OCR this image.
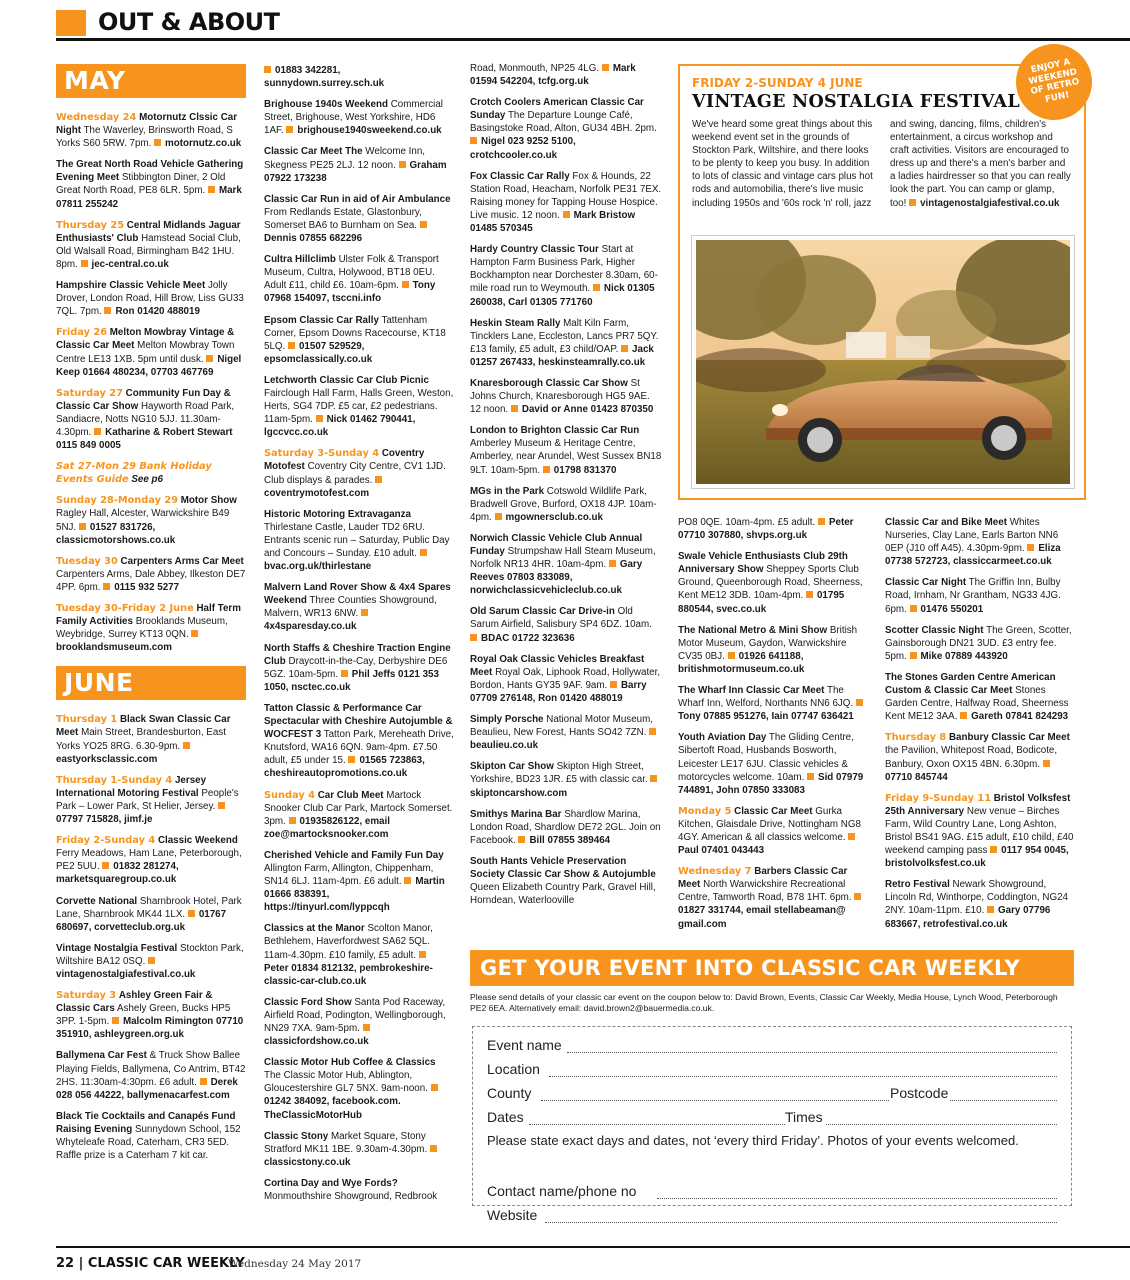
OUT & ABOUT
MAY
Wednesday 24 Motornutz Clssic Car Night The Waverley, Brinsworth Road, S Yorks S60 5RW. 7pm. motornutz.co.uk
The Great North Road Vehicle Gathering Evening Meet Stibbington Diner, 2 Old Great North Road, PE8 6LR. 5pm. Mark 07811 255242
Thursday 25 Central Midlands Jaguar Enthusiasts' Club Hamstead Social Club, Old Walsall Road, Birmingham B42 1HU. 8pm. jec-central.co.uk
Hampshire Classic Vehicle Meet Jolly Drover, London Road, Hill Brow, Liss GU33 7QL. 7pm. Ron 01420 488019
Friday 26 Melton Mowbray Vintage & Classic Car Meet Melton Mowbray Town Centre LE13 1XB. 5pm until dusk. Nigel Keep 01664 480234, 07703 467769
Saturday 27 Community Fun Day & Classic Car Show Hayworth Road Park, Sandiacre, Notts NG10 5JJ. 11.30am-4.30pm. Katharine & Robert Stewart 0115 849 0005
Sat 27-Mon 29 Bank Holiday Events Guide See p6
Sunday 28-Monday 29 Motor Show Ragley Hall, Alcester, Warwickshire B49 5NJ. 01527 831726, classicmotorshows.co.uk
Tuesday 30 Carpenters Arms Car Meet Carpenters Arms, Dale Abbey, Ilkeston DE7 4PP. 6pm. 0115 932 5277
Tuesday 30-Friday 2 June Half Term Family Activities Brooklands Museum, Weybridge, Surrey KT13 0QN. brooklandsmuseum.com
JUNE
Thursday 1 Black Swan Classic Car Meet Main Street, Brandesburton, East Yorks YO25 8RG. 6.30-9pm. eastyorksclassic.com
Thursday 1-Sunday 4 Jersey International Motoring Festival People's Park – Lower Park, St Helier, Jersey. 07797 715828, jimf.je
Friday 2-Sunday 4 Classic Weekend Ferry Meadows, Ham Lane, Peterborough, PE2 5UU. 01832 281274, marketsquaregroup.co.uk
Corvette National Sharnbrook Hotel, Park Lane, Sharnbrook MK44 1LX. 01767 680697, corvetteclub.org.uk
Vintage Nostalgia Festival Stockton Park, Wiltshire BA12 0SQ. vintagenostalgiafestival.co.uk
Saturday 3 Ashley Green Fair & Classic Cars Ashely Green, Bucks HP5 3PP. 1-5pm. Malcolm Rimington 07710 351910, ashleygreen.org.uk
Ballymena Car Fest & Truck Show Ballee Playing Fields, Ballymena, Co Antrim, BT42 2HS. 11:30am-4:30pm. £6 adult. Derek 028 056 44222, ballymenacarfest.com
Black Tie Cocktails and Canapés Fund Raising Evening Sunnydown School, 152 Whyteleafe Road, Caterham, CR3 5ED. Raffle prize is a Caterham 7 kit car.
01883 342281, sunnydown.surrey.sch.uk
Brighouse 1940s Weekend Commercial Street, Brighouse, West Yorkshire, HD6 1AF. brighouse1940sweekend.co.uk
Classic Car Meet The Welcome Inn, Skegness PE25 2LJ. 12 noon. Graham 07922 173238
Classic Car Run in aid of Air Ambulance From Redlands Estate, Glastonbury, Somerset BA6 to Burnham on Sea. Dennis 07855 682296
Cultra Hillclimb Ulster Folk & Transport Museum, Cultra, Holywood, BT18 0EU. Adult £11, child £6. 10am-6pm. Tony 07968 154097, tsccni.info
Epsom Classic Car Rally Tattenham Corner, Epsom Downs Racecourse, KT18 5LQ. 01507 529529, epsomclassically.co.uk
Letchworth Classic Car Club Picnic Fairclough Hall Farm, Halls Green, Weston, Herts, SG4 7DP. £5 car, £2 pedestrians. 11am-5pm. Nick 01462 790441, lgccvcc.co.uk
Saturday 3-Sunday 4 Coventry Motofest Coventry City Centre, CV1 1JD. Club displays & parades. coventrymotofest.com
Historic Motoring Extravaganza Thirlestane Castle, Lauder TD2 6RU. Entrants scenic run – Saturday, Public Day and Concours – Sunday. £10 adult. bvac.org.uk/thirlestane
Malvern Land Rover Show & 4x4 Spares Weekend Three Counties Showground, Malvern, WR13 6NW. 4x4sparesday.co.uk
North Staffs & Cheshire Traction Engine Club Draycott-in-the-Cay, Derbyshire DE6 5GZ. 10am-5pm. Phil Jeffs 0121 353 1050, nsctec.co.uk
Tatton Classic & Performance Car Spectacular with Cheshire Autojumble & WOCFEST 3 Tatton Park, Mereheath Drive, Knutsford, WA16 6QN. 9am-4pm. £7.50 adult, £5 under 15. 01565 723863, cheshireautopromotions.co.uk
Sunday 4 Car Club Meet Martock Snooker Club Car Park, Martock Somerset. 3pm. 01935826122, email zoe@martocksnooker.com
Cherished Vehicle and Family Fun Day Allington Farm, Allington, Chippenham, SN14 6LJ. 11am-4pm. £6 adult. Martin 01666 838391, https://tinyurl.com/lyppcqh
Classics at the Manor Scolton Manor, Bethlehem, Haverfordwest SA62 5QL. 11am-4.30pm. £10 family, £5 adult. Peter 01834 812132, pembrokeshire-classic-car-club.co.uk
Classic Ford Show Santa Pod Raceway, Airfield Road, Podington, Wellingborough, NN29 7XA. 9am-5pm. classicfordshow.co.uk
Classic Motor Hub Coffee & Classics The Classic Motor Hub, Ablington, Gloucestershire GL7 5NX. 9am-noon. 01242 384092, facebook.com. TheClassicMotorHub
Classic Stony Market Square, Stony Stratford MK11 1BE. 9.30am-4.30pm. classicstony.co.uk
Cortina Day and Wye Fords? Monmouthshire Showground, Redbrook
Road, Monmouth, NP25 4LG. Mark 01594 542204, tcfg.org.uk
Crotch Coolers American Classic Car Sunday The Departure Lounge Café, Basingstoke Road, Alton, GU34 4BH. 2pm. Nigel 023 9252 5100, crotchcooler.co.uk
Fox Classic Car Rally Fox & Hounds, 22 Station Road, Heacham, Norfolk PE31 7EX. Raising money for Tapping House Hospice. Live music. 12 noon. Mark Bristow 01485 570345
Hardy Country Classic Tour Start at Hampton Farm Business Park, Higher Bockhampton near Dorchester 8.30am, 60-mile road run to Weymouth. Nick 01305 260038, Carl 01305 771760
Heskin Steam Rally Malt Kiln Farm, Tincklers Lane, Eccleston, Lancs PR7 5QY. £13 family, £5 adult, £3 child/OAP. Jack 01257 267433, heskinsteamrally.co.uk
Knaresborough Classic Car Show St Johns Church, Knaresborough HG5 9AE. 12 noon. David or Anne 01423 870350
London to Brighton Classic Car Run Amberley Museum & Heritage Centre, Amberley, near Arundel, West Sussex BN18 9LT. 10am-5pm. 01798 831370
MGs in the Park Cotswold Wildlife Park, Bradwell Grove, Burford, OX18 4JP. 10am-4pm. mgownersclub.co.uk
Norwich Classic Vehicle Club Annual Funday Strumpshaw Hall Steam Museum, Norfolk NR13 4HR. 10am-4pm. Gary Reeves 07803 833089, norwichclassicvehicleclub.co.uk
Old Sarum Classic Car Drive-in Old Sarum Airfield, Salisbury SP4 6DZ. 10am. BDAC 01722 323636
Royal Oak Classic Vehicles Breakfast Meet Royal Oak, Liphook Road, Hollywater, Bordon, Hants GY35 9AF. 9am. Barry 07709 276148, Ron 01420 488019
Simply Porsche National Motor Museum, Beaulieu, New Forest, Hants SO42 7ZN. beaulieu.co.uk
Skipton Car Show Skipton High Street, Yorkshire, BD23 1JR. £5 with classic car. skiptoncarshow.com
Smithys Marina Bar Shardlow Marina, London Road, Shardlow DE72 2GL. Join on Facebook. Bill 07855 389464
South Hants Vehicle Preservation Society Classic Car Show & Autojumble Queen Elizabeth Country Park, Gravel Hill, Horndean, Waterlooville
PO8 0QE. 10am-4pm. £5 adult. Peter 07710 307880, shvps.org.uk
Swale Vehicle Enthusiasts Club 29th Anniversary Show Sheppey Sports Club Ground, Queenborough Road, Sheerness, Kent ME12 3DB. 10am-4pm. 01795 880544, svec.co.uk
The National Metro & Mini Show British Motor Museum, Gaydon, Warwickshire CV35 0BJ. 01926 641188, britishmotormuseum.co.uk
The Wharf Inn Classic Car Meet The Wharf Inn, Welford, Northants NN6 6JQ. Tony 07885 951276, Iain 07747 636421
Youth Aviation Day The Gliding Centre, Sibertoft Road, Husbands Bosworth, Leicester LE17 6JU. Classic vehicles & motorcycles welcome. 10am. Sid 07979 744891, John 07850 333083
Monday 5 Classic Car Meet Gurka Kitchen, Glaisdale Drive, Nottingham NG8 4GY. American & all classics welcome. Paul 07401 043443
Wednesday 7 Barbers Classic Car Meet North Warwickshire Recreational Centre, Tamworth Road, B78 1HT. 6pm. 01827 331744, email stellabeaman@ gmail.com
Classic Car and Bike Meet Whites Nurseries, Clay Lane, Earls Barton NN6 0EP (J10 off A45). 4.30pm-9pm. Eliza 07738 572723, classiccarmeet.co.uk
Classic Car Night The Griffin Inn, Bulby Road, Irnham, Nr Grantham, NG33 4JG. 6pm. 01476 550201
Scotter Classic Night The Green, Scotter, Gainsborough DN21 3UD. £3 entry fee. 5pm. Mike 07889 443920
The Stones Garden Centre American Custom & Classic Car Meet Stones Garden Centre, Halfway Road, Sheerness Kent ME12 3AA. Gareth 07841 824293
Thursday 8 Banbury Classic Car Meet the Pavilion, Whitepost Road, Bodicote, Banbury, Oxon OX15 4BN. 6.30pm. 07710 845744
Friday 9-Sunday 11 Bristol Volksfest 25th Anniversary New venue – Birches Farm, Wild Country Lane, Long Ashton, Bristol BS41 9AG. £15 adult, £10 child, £40 weekend camping pass 0117 954 0045, bristolvolksfest.co.uk
Retro Festival Newark Showground, Lincoln Rd, Winthorpe, Coddington, NG24 2NY. 10am-11pm. £10. Gary 07796 683667, retrofestival.co.uk
FRIDAY 2-SUNDAY 4 JUNE
VINTAGE NOSTALGIA FESTIVAL
We've heard some great things about this weekend event set in the grounds of Stockton Park, Wiltshire, and there looks to be plenty to keep you busy. In addition to lots of classic and vintage cars plus hot rods and automobilia, there's live music including 1950s and '60s rock 'n' roll, jazz and swing, dancing, films, children's entertainment, a circus workshop and craft activities. Visitors are encouraged to dress up and there's a men's barber and a ladies hairdresser so that you can really look the part. You can camp or glamp, too! vintagenostalgiafestival.co.uk
ENJOY A WEEKEND OF RETRO FUN!
GET YOUR EVENT INTO CLASSIC CAR WEEKLY
Please send details of your classic car event on the coupon below to: David Brown, Events, Classic Car Weekly, Media House, Lynch Wood, Peterborough PE2 6EA. Alternatively email: david.brown2@bauermedia.co.uk.
Event name
Location
County	Postcode
Dates	Times
Please state exact days and dates, not ‘every third Friday’. Photos of your events welcomed.
Contact name/phone no
Website
22 | CLASSIC CAR WEEKLY
Wednesday 24 May 2017
